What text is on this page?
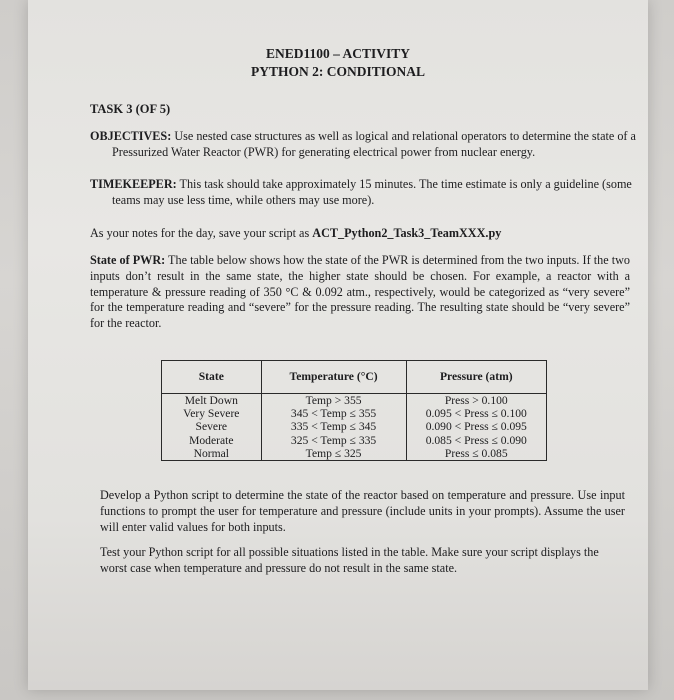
ENED1100 – ACTIVITY
PYTHON 2: CONDITIONAL
TASK 3 (OF 5)
OBJECTIVES: Use nested case structures as well as logical and relational operators to determine the state of a Pressurized Water Reactor (PWR) for generating electrical power from nuclear energy.
TIMEKEEPER: This task should take approximately 15 minutes. The time estimate is only a guideline (some teams may use less time, while others may use more).
As your notes for the day, save your script as ACT_Python2_Task3_TeamXXX.py
State of PWR: The table below shows how the state of the PWR is determined from the two inputs. If the two inputs don’t result in the same state, the higher state should be chosen. For example, a reactor with a temperature & pressure reading of 350 °C & 0.092 atm., respectively, would be categorized as “very severe” for the temperature reading and “severe” for the pressure reading. The resulting state should be “very severe” for the reactor.
State	Temperature (°C)	Pressure (atm)
Melt Down	Temp > 355	Press > 0.100
Very Severe	345 < Temp ≤ 355	0.095 < Press ≤ 0.100
Severe	335 < Temp ≤ 345	0.090 < Press ≤ 0.095
Moderate	325 < Temp ≤ 335	0.085 < Press ≤ 0.090
Normal	Temp ≤ 325	Press ≤ 0.085
Develop a Python script to determine the state of the reactor based on temperature and pressure. Use input functions to prompt the user for temperature and pressure (include units in your prompts). Assume the user will enter valid values for both inputs.
Test your Python script for all possible situations listed in the table. Make sure your script displays the worst case when temperature and pressure do not result in the same state.
